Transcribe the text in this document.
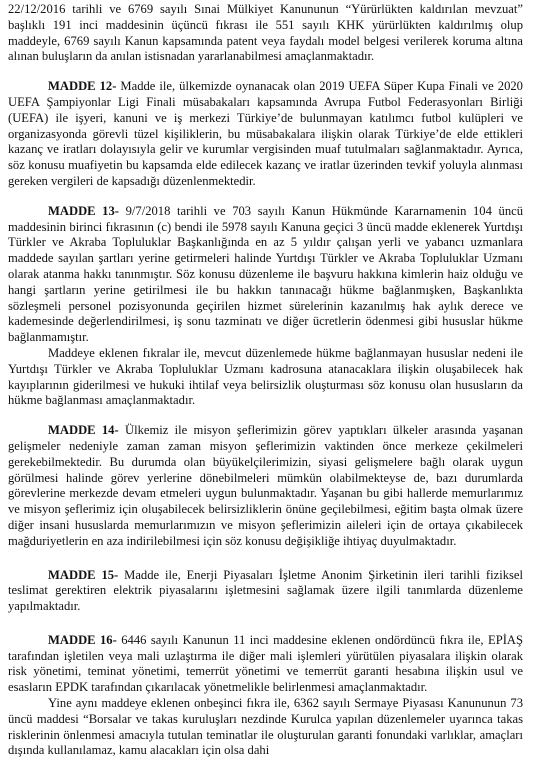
22/12/2016 tarihli ve 6769 sayılı Sınai Mülkiyet Kanununun “Yürürlükten kaldırılan mevzuat” başlıklı 191 inci maddesinin üçüncü fıkrası ile 551 sayılı KHK yürürlükten kaldırılmış olup maddeyle, 6769 sayılı Kanun kapsamında patent veya faydalı model belgesi verilerek koruma altına alınan buluşların da anılan istisnadan yararlanabilmesi amaçlanmaktadır.

MADDE 12- Madde ile, ülkemizde oynanacak olan 2019 UEFA Süper Kupa Finali ve 2020 UEFA Şampiyonlar Ligi Finali müsabakaları kapsamında Avrupa Futbol Federasyonları Birliği (UEFA) ile işyeri, kanuni ve iş merkezi Türkiye’de bulunmayan katılımcı futbol kulüpleri ve organizasyonda görevli tüzel kişiliklerin, bu müsabakalara ilişkin olarak Türkiye’de elde ettikleri kazanç ve iratları dolayısıyla gelir ve kurumlar vergisinden muaf tutulmaları sağlanmaktadır. Ayrıca, söz konusu muafiyetin bu kapsamda elde edilecek kazanç ve iratlar üzerinden tevkif yoluyla alınması gereken vergileri de kapsadığı düzenlenmektedir.

MADDE 13- 9/7/2018 tarihli ve 703 sayılı Kanun Hükmünde Kararnamenin 104 üncü maddesinin birinci fıkrasının (c) bendi ile 5978 sayılı Kanuna geçici 3 üncü madde eklenerek Yurtdışı Türkler ve Akraba Topluluklar Başkanlığında en az 5 yıldır çalışan yerli ve yabancı uzmanlara maddede sayılan şartları yerine getirmeleri halinde Yurtdışı Türkler ve Akraba Topluluklar Uzmanı olarak atanma hakkı tanınmıştır. Söz konusu düzenleme ile başvuru hakkına kimlerin haiz olduğu ve hangi şartların yerine getirilmesi ile bu hakkın tanınacağı hükme bağlanmışken, Başkanlıkta sözleşmeli personel pozisyonunda geçirilen hizmet sürelerinin kazanılmış hak aylık derece ve kademesinde değerlendirilmesi, iş sonu tazminatı ve diğer ücretlerin ödenmesi gibi hususlar hükme bağlanmamıştır.

Maddeye eklenen fıkralar ile, mevcut düzenlemede hükme bağlanmayan hususlar nedeni ile Yurtdışı Türkler ve Akraba Topluluklar Uzmanı kadrosuna atanacaklara ilişkin oluşabilecek hak kayıplarının giderilmesi ve hukuki ihtilaf veya belirsizlik oluşturması söz konusu olan hususların da hükme bağlanması amaçlanmaktadır.

MADDE 14- Ülkemiz ile misyon şeflerimizin görev yaptıkları ülkeler arasında yaşanan gelişmeler nedeniyle zaman zaman misyon şeflerimizin vaktinden önce merkeze çekilmeleri gerekebilmektedir. Bu durumda olan büyükelçilerimizin, siyasi gelişmelere bağlı olarak uygun görülmesi halinde görev yerlerine dönebilmeleri mümkün olabilmekteyse de, bazı durumlarda görevlerine merkezde devam etmeleri uygun bulunmaktadır. Yaşanan bu gibi hallerde memurlarımız ve misyon şeflerimiz için oluşabilecek belirsizliklerin önüne geçilebilmesi, eğitim başta olmak üzere diğer insani hususlarda memurlarımızın ve misyon şeflerimizin aileleri için de ortaya çıkabilecek mağduriyetlerin en aza indirilebilmesi için söz konusu değişikliğe ihtiyaç duyulmaktadır.

MADDE 15- Madde ile, Enerji Piyasaları İşletme Anonim Şirketinin ileri tarihli fiziksel teslimat gerektiren elektrik piyasalarını işletmesini sağlamak üzere ilgili tanımlarda düzenleme yapılmaktadır.

MADDE 16- 6446 sayılı Kanunun 11 inci maddesine eklenen ondördüncü fıkra ile, EPİAŞ tarafından işletilen veya mali uzlaştırma ile diğer mali işlemleri yürütülen piyasalara ilişkin olarak risk yönetimi, teminat yönetimi, temerrüt yönetimi ve temerrüt garanti hesabına ilişkin usul ve esasların EPDK tarafından çıkarılacak yönetmelikle belirlenmesi amaçlanmaktadır.

Yine aynı maddeye eklenen onbeşinci fıkra ile, 6362 sayılı Sermaye Piyasası Kanununun 73 üncü maddesi “Borsalar ve takas kuruluşları nezdinde Kurulca yapılan düzenlemeler uyarınca takas risklerinin önlenmesi amacıyla tutulan teminatlar ile oluşturulan garanti fonundaki varlıklar, amaçları dışında kullanılamaz, kamu alacakları için olsa dahi
